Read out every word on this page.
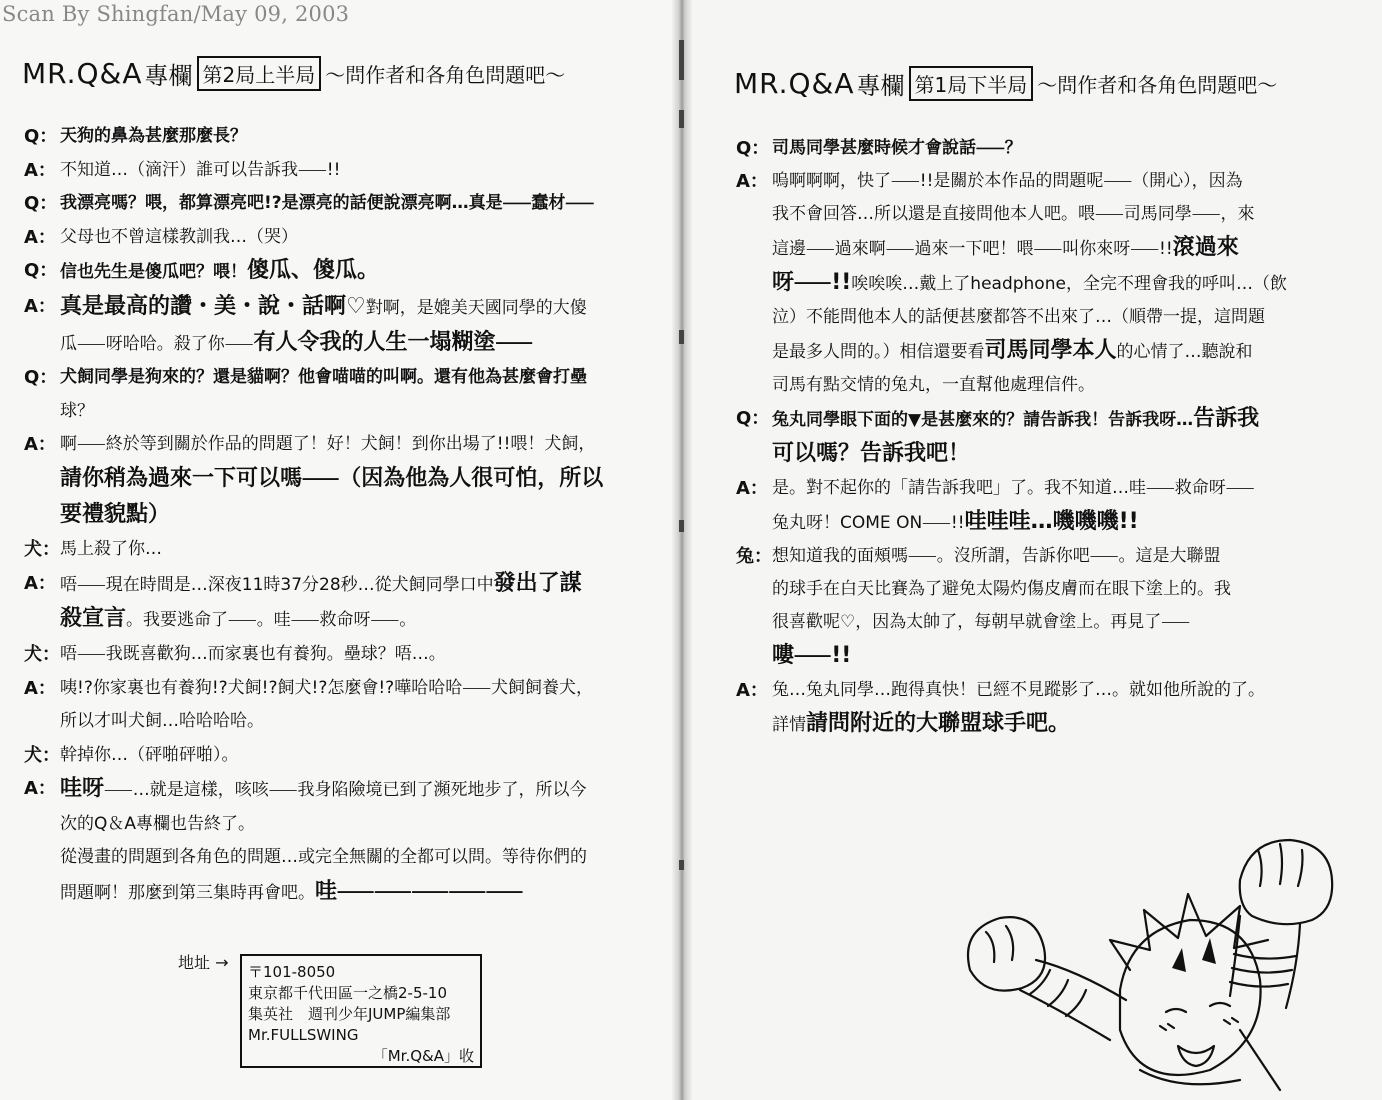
Scan By Shingfan/May 09, 2003
MR.Q&A 專欄 第2局上半局 ～問作者和各角色問題吧～
Q： 天狗的鼻為甚麼那麼長？
A： 不知道…（滴汗）誰可以告訴我⸺!!
Q： 我漂亮嗎？喂，都算漂亮吧!?是漂亮的話便說漂亮啊…真是⸺蠢材⸺
A： 父母也不曾這樣教訓我…（哭）
Q： 信也先生是傻瓜吧？喂！傻瓜、傻瓜。
A： 真是最高的讚・美・說・話啊♡對啊，是媲美天國同學的大傻
瓜⸺呀哈哈。殺了你⸺有人令我的人生一塌糊塗⸺
Q： 犬飼同學是狗來的？還是貓啊？他會喵喵的叫啊。還有他為甚麼會打壘
球？
A： 啊⸺終於等到關於作品的問題了！好！犬飼！到你出場了!!喂！犬飼，
請你稍為過來一下可以嗎⸺（因為他為人很可怕，所以
要禮貌點）
犬： 馬上殺了你…
A： 唔⸺現在時間是…深夜11時37分28秒…從犬飼同學口中發出了謀
殺宣言。我要逃命了⸺。哇⸺救命呀⸺。
犬： 唔⸺我既喜歡狗…而家裏也有養狗。壘球？唔…。
A： 咦!?你家裏也有養狗!?犬飼!?飼犬!?怎麼會!?嘩哈哈哈⸺犬飼飼養犬，
所以才叫犬飼…哈哈哈哈。
犬： 幹掉你…（砰啪砰啪）。
A： 哇呀⸺…就是這樣，咳咳⸺我身陷險境已到了瀕死地步了，所以今
次的Q＆A專欄也告終了。
從漫畫的問題到各角色的問題…或完全無關的全都可以問。等待你們的
問題啊！那麼到第三集時再會吧。哇⸺⸺⸺⸺⸺
地址 → 〒101-8050
東京都千代田區一之橋2-5-10
集英社　週刊少年JUMP編集部
Mr.FULLSWING
「Mr.Q&A」收
MR.Q&A 專欄 第1局下半局 ～問作者和各角色問題吧～
Q： 司馬同學甚麼時候才會說話⸺？
A： 嗚啊啊啊，快了⸺!!是關於本作品的問題呢⸺（開心），因為
我不會回答…所以還是直接問他本人吧。喂⸺司馬同學⸺，來
這邊⸺過來啊⸺過來一下吧！喂⸺叫你來呀⸺!!滾過來
呀⸺!!唉唉唉…戴上了headphone，全完不理會我的呼叫…（飲
泣）不能問他本人的話便甚麼都答不出來了…（順帶一提，這問題
是最多人問的。）相信還要看司馬同學本人的心情了…聽說和
司馬有點交情的兔丸，一直幫他處理信件。
Q： 兔丸同學眼下面的▼是甚麼來的？請告訴我！告訴我呀…告訴我
可以嗎？告訴我吧！
A： 是。對不起你的「請告訴我吧」了。我不知道…哇⸺救命呀⸺
兔丸呀！COME ON⸺!!哇哇哇…嘰嘰嘰!!
兔： 想知道我的面頰嗎⸺。沒所謂，告訴你吧⸺。這是大聯盟
的球手在白天比賽為了避免太陽灼傷皮膚而在眼下塗上的。我
很喜歡呢♡，因為太帥了，每朝早就會塗上。再見了⸺
嘍⸺!!
A： 兔…兔丸同學…跑得真快！已經不見蹤影了…。就如他所說的了。
詳情請問附近的大聯盟球手吧。
